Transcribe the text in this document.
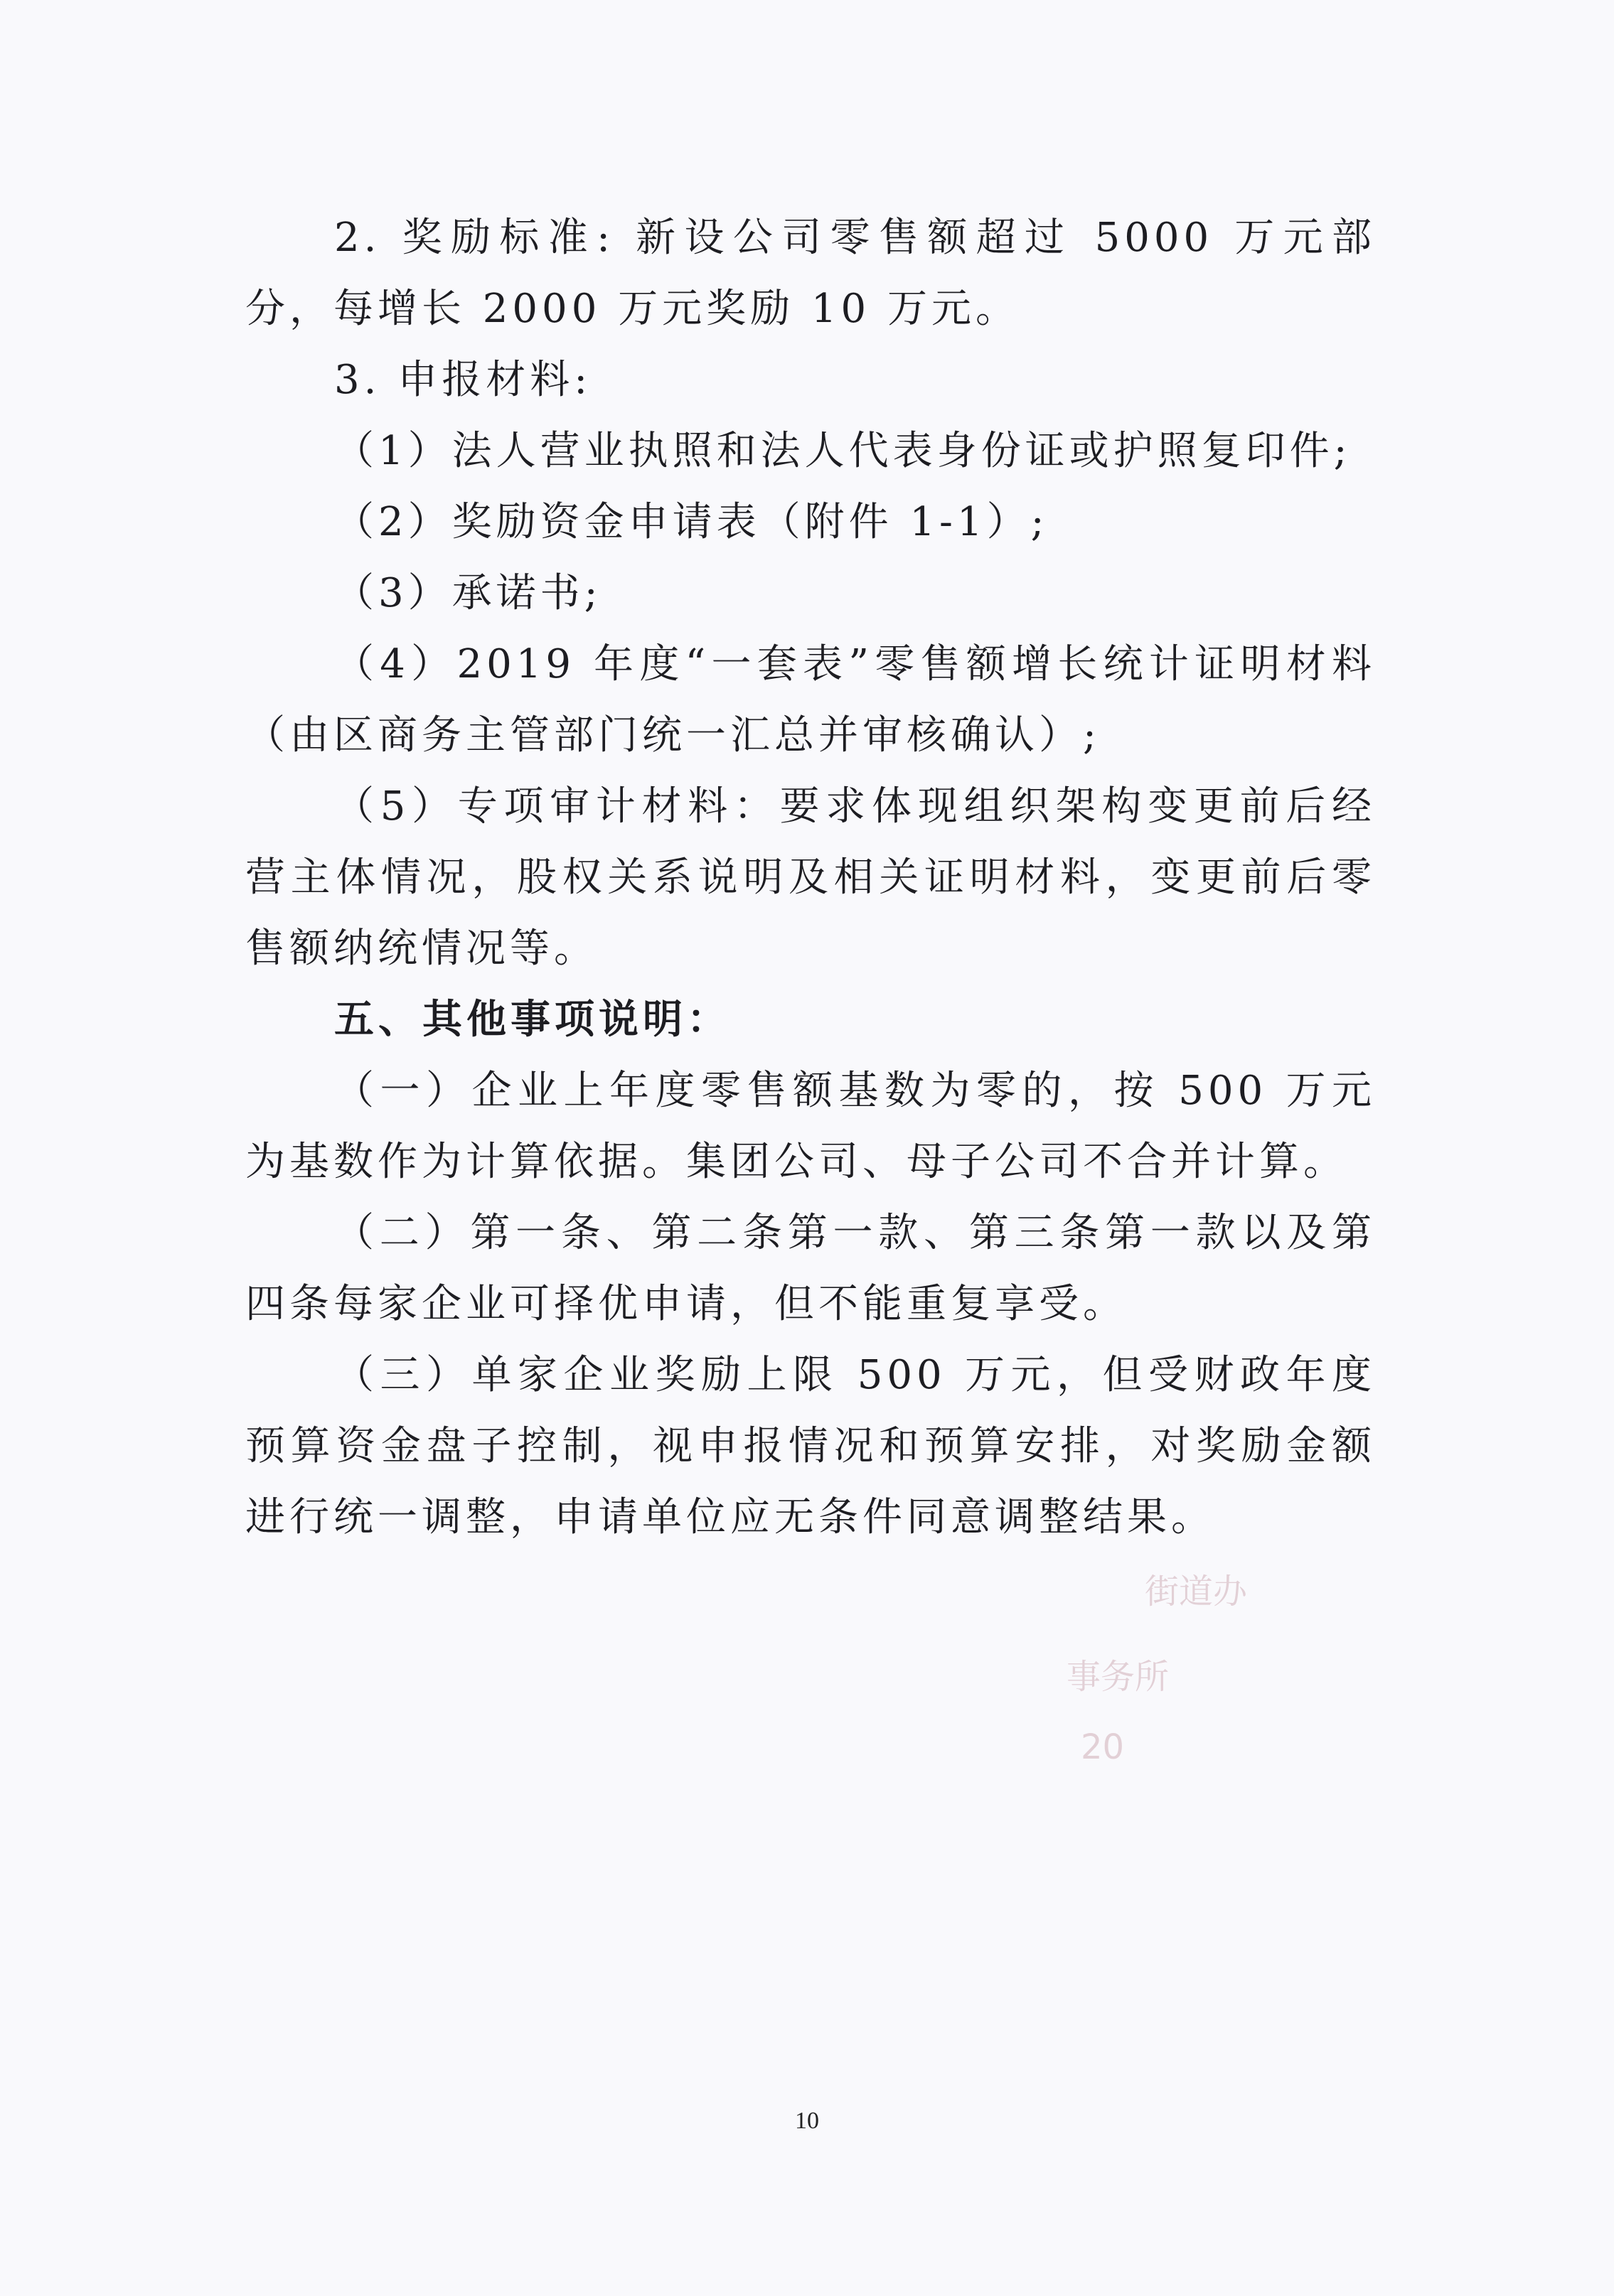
2. 奖励标准: 新设公司零售额超过 5000 万元部分，每增长 2000 万元奖励 10 万元。

3. 申报材料:

（1）法人营业执照和法人代表身份证或护照复印件;

（2）奖励资金申请表（附件 1-1）;

（3）承诺书;

（4）2019 年度“一套表”零售额增长统计证明材料（由区商务主管部门统一汇总并审核确认）;

（5）专项审计材料：要求体现组织架构变更前后经营主体情况，股权关系说明及相关证明材料，变更前后零售额纳统情况等。

五、其他事项说明：

（一）企业上年度零售额基数为零的，按 500 万元为基数作为计算依据。集团公司、母子公司不合并计算。

（二）第一条、第二条第一款、第三条第一款以及第四条每家企业可择优申请，但不能重复享受。

（三）单家企业奖励上限 500 万元，但受财政年度预算资金盘子控制，视申报情况和预算安排，对奖励金额进行统一调整，申请单位应无条件同意调整结果。

街道办
事务所
20
10
